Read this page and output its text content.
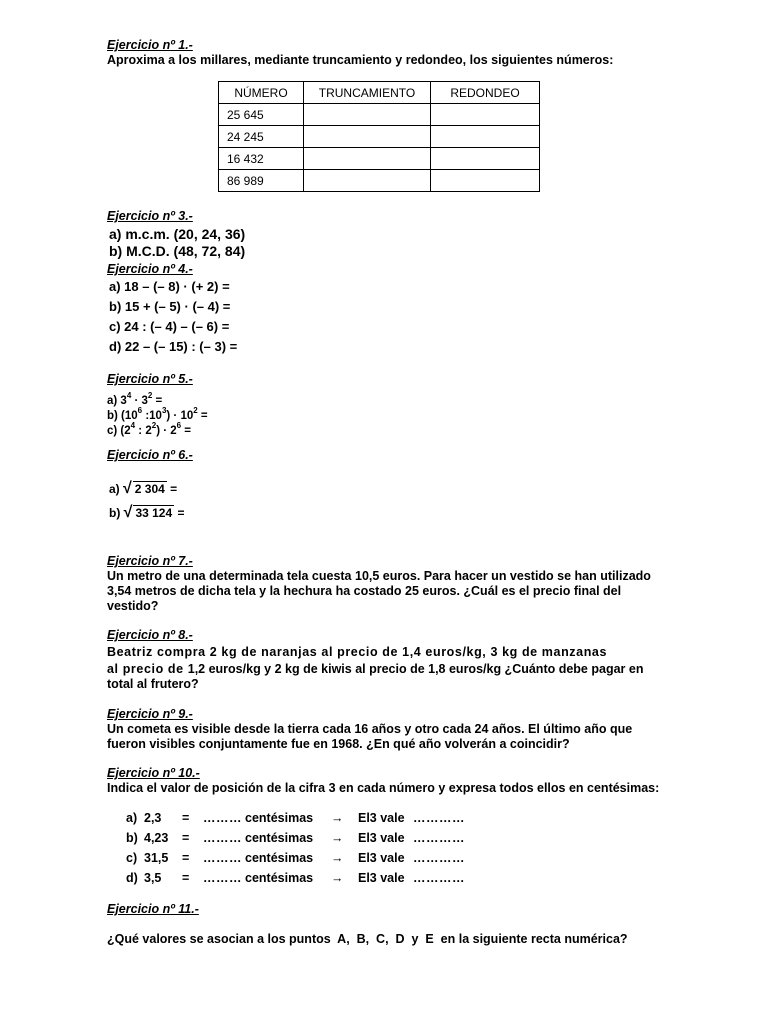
Ejercicio nº 1.-
Aproxima a los millares, mediante truncamiento y redondeo, los siguientes números:
NÚMERO	TRUNCAMIENTO	REDONDEO
25 645		
24 245		
16 432		
86 989		
Ejercicio nº 3.-
a) m.c.m. (20, 24, 36)
b) M.C.D. (48, 72, 84)
Ejercicio nº 4.-
a) 18 – (– 8) · (+ 2) =
b) 15 + (– 5) · (– 4) =
c) 24 : (– 4) – (– 6) =
d) 22 – (– 15) : (– 3) =
Ejercicio nº 5.-
a) $3^4 \cdot 3^2$ =
b) ($10^6$ $:10^3) \cdot 10^2$ =
c) ($2^4$ : $2^2) \cdot 2^6$ =
Ejercicio nº 6.-
a) √ 2 304 =
b) √ 33 124 =
Ejercicio nº 7.-
Un metro de una determinada tela cuesta 10,5 euros. Para hacer un vestido se han utilizado
3,54 metros de dicha tela y la hechura ha costado 25 euros. ¿Cuál es el precio final del
vestido?
Ejercicio nº 8.-
Beatriz compra 2 kg de naranjas al precio de 1,4 euros/kg, 3 kg de manzanas
al precio de 1,2 euros/kg y 2 kg de kiwis al precio de 1,8 euros/kg ¿Cuánto debe pagar en
total al frutero?
Ejercicio nº 9.-
Un cometa es visible desde la tierra cada 16 años y otro cada 24 años. El último año que
fueron visibles conjuntamente fue en 1968. ¿En qué año volverán a coincidir?
Ejercicio nº 10.-
Indica el valor de posición de la cifra 3 en cada número y expresa todos ellos en centésimas:
a)	2,3	=	………	centésimas	→	El3 vale	…………
b)	4,23	=	………	centésimas	→	El3 vale	…………
c)	31,5	=	………	centésimas	→	El3 vale	…………
d)	3,5	=	………	centésimas	→	El3 vale	…………
Ejercicio nº 11.-
¿Qué valores se asocian a los puntos  A,  B,  C,  D  y  E  en la siguiente recta numérica?
